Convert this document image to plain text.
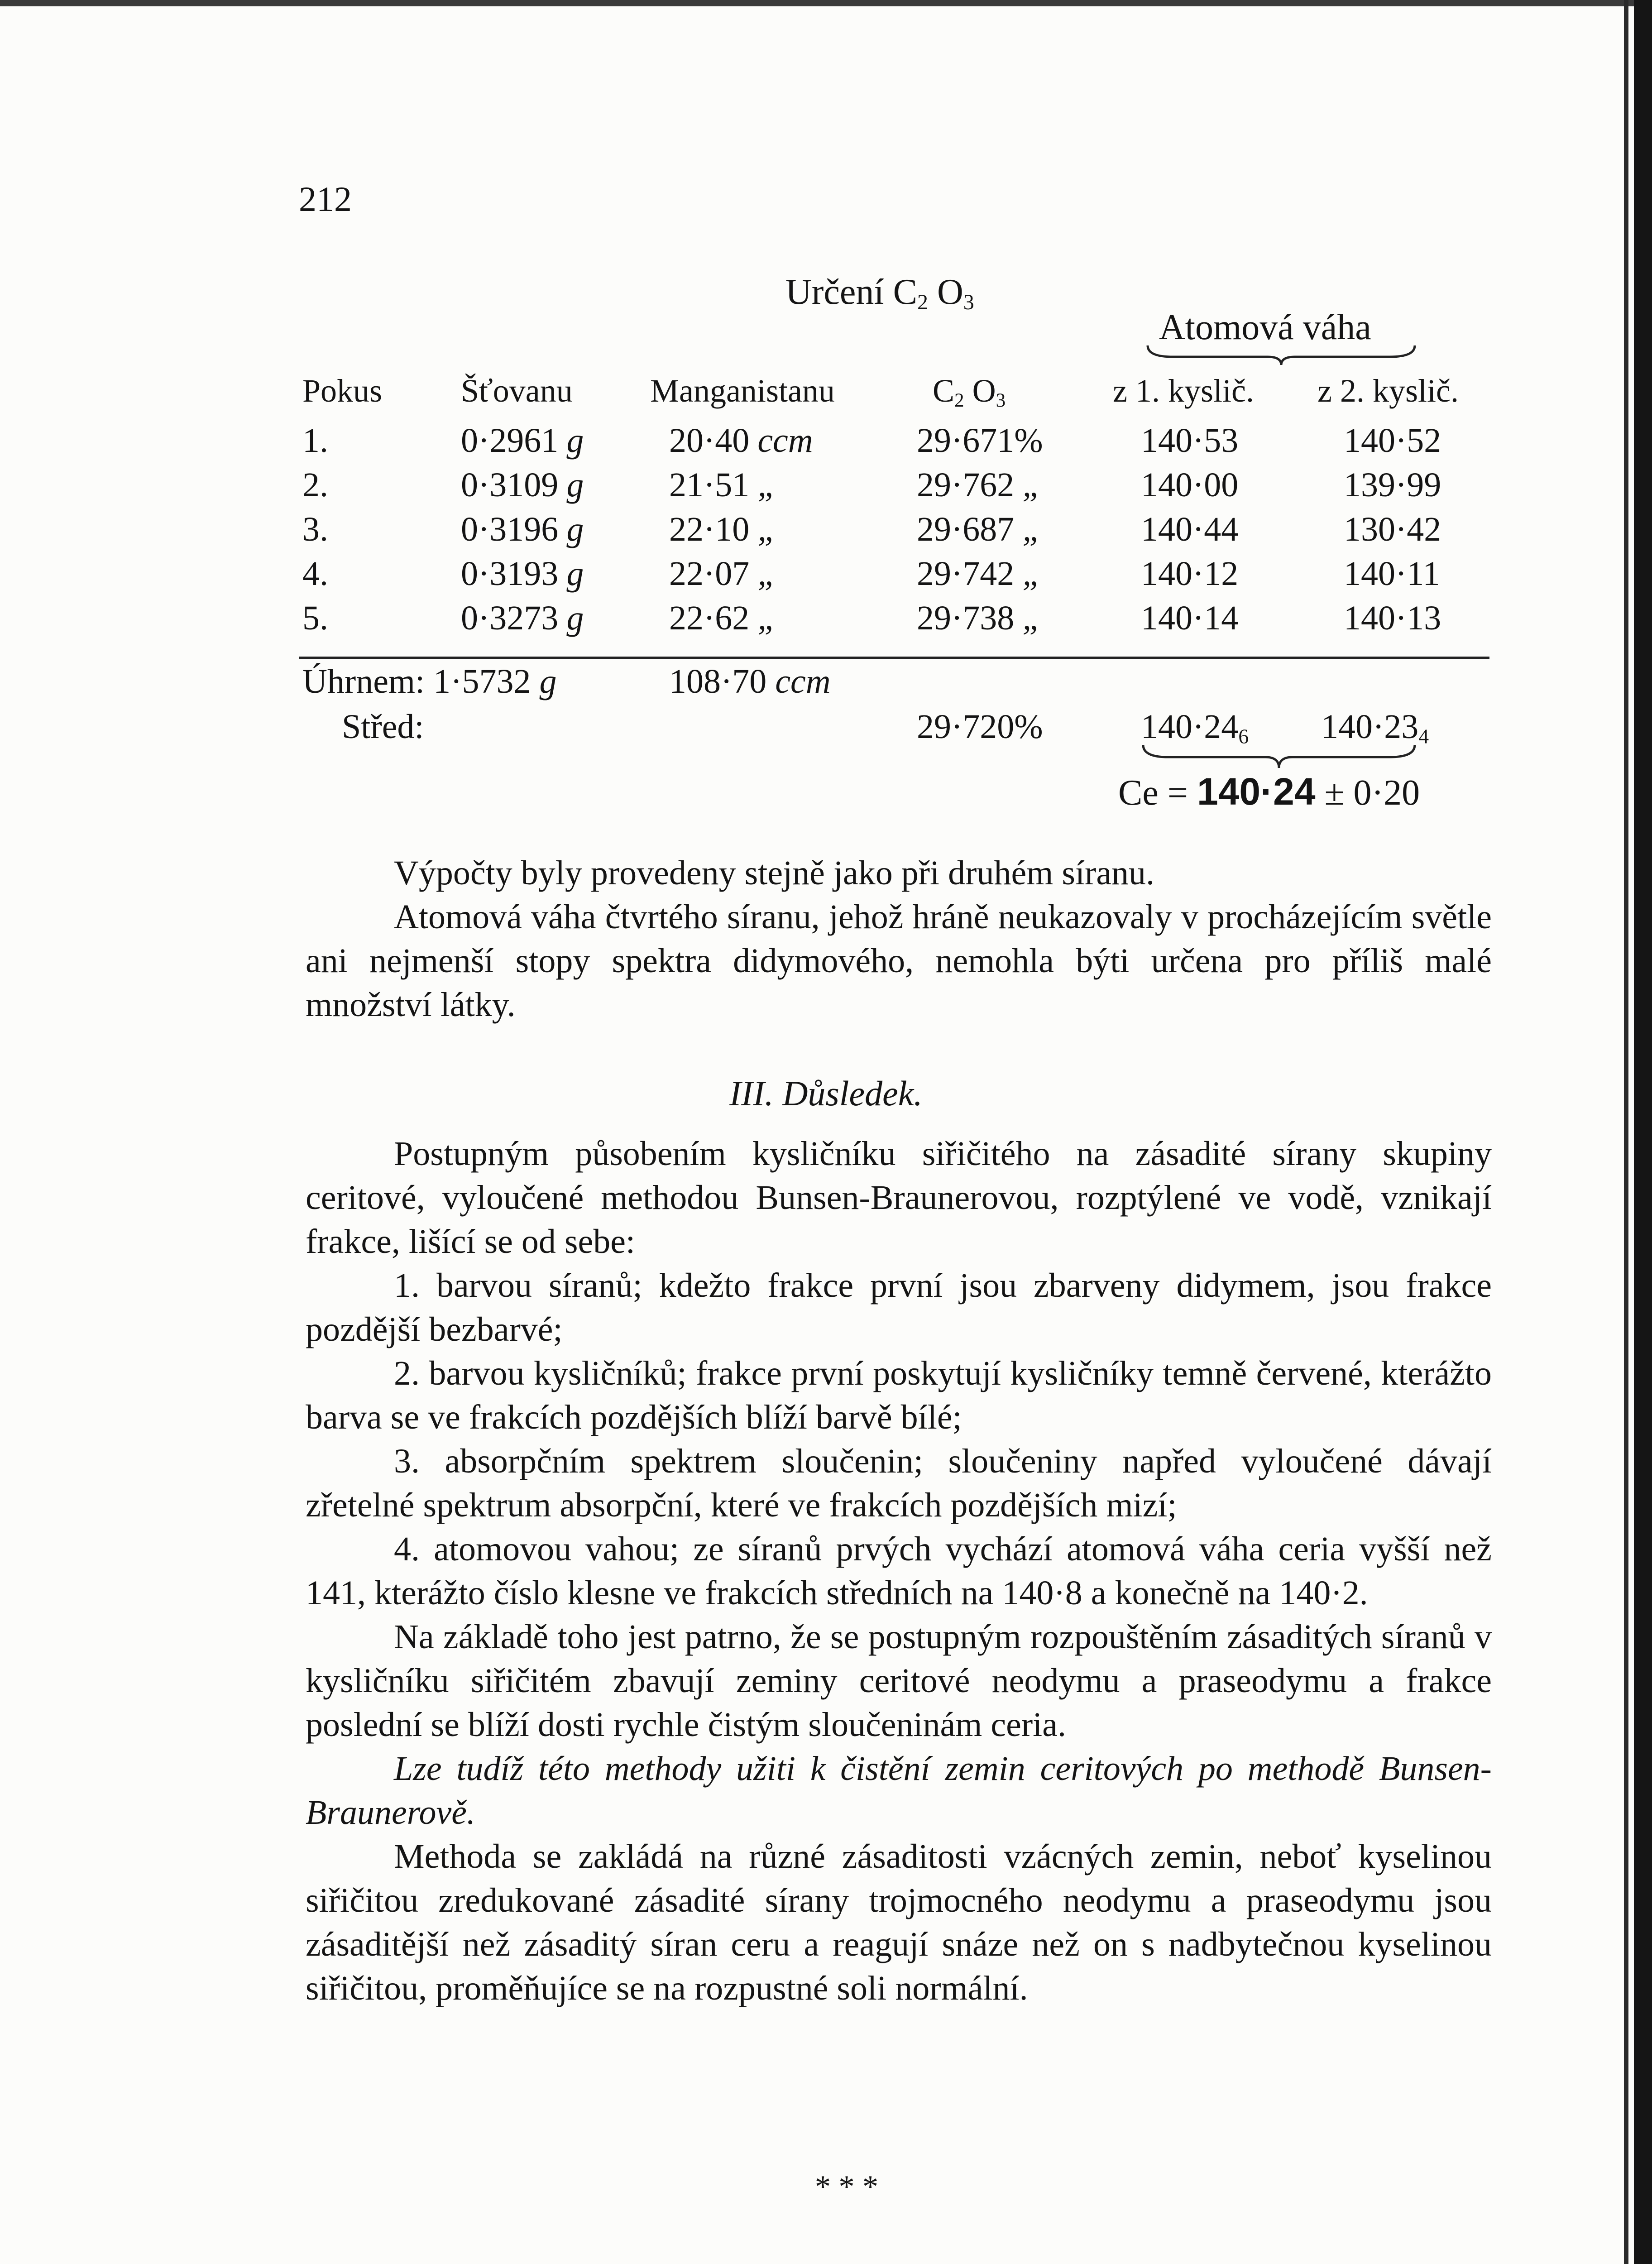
212
Určení $C_2$ $O_3$
Atomová váha
Pokus Šťovanu Manganistanu	$C_2$ $O_3$	z 1. kysl​ič. z 2. kysl​ič.
1.	0·2961 g 20·40 ccm	29·671%	140·53	140·52
2.	0·3109 g 21·51 „	29·762 „	140·00	139·99
3.	0·3196 g 22·10 „	29·687 „	140·44	130·42
4.	0·3193 g 22·07 „	29·742 „	140·12	140·11
5.	0·3273 g 22·62 „	29·738 „	140·14	140·13
Úhrnem: 1·5732 g	108·70 ccm
Střed:	29·720%	$140\cdot 24_6$ $140\cdot 23_4$
Ce = 140·24 ± 0·20

Výpočty byly provedeny stejně jako při druhém síranu.

Atomová váha čtvrtého síranu, jehož hráně neukazovaly v procházejícím světle ani nejmenší stopy spektra didymového, nemohla býti určena pro příliš malé množství látky.

III. Důsledek.

Postupným působením kysličníku siřičitého na zásadité sírany skupiny ceritové, vyloučené methodou Bunsen-Braunerovou, rozptýlené ve vodě, vznikají frakce, lišící se od sebe:

1. barvou síranů; kdežto frakce první jsou zbarveny didymem, jsou frakce pozdější bezbarvé;

2. barvou kysličníků; frakce první poskytují kysličníky temně červené, kterážto barva se ve frakcích pozdějších blíží barvě bílé;

3. absorpčním spektrem sloučenin; sloučeniny napřed vyloučené dávají zřetelné spektrum absorpční, které ve frakcích pozdějších mizí;

4. atomovou vahou; ze síranů prvých vychází atomová váha ceria vyšší než 141, kterážto číslo klesne ve frakcích středních na 140·8 a konečně na 140·2.

Na základě toho jest patrno, že se postupným rozpouštěním zásaditých síranů v kysličníku siřičitém zbavují zeminy ceritové neodymu a praseodymu a frakce poslední se blíží dosti rychle čistým sloučeninám ceria.

Lze tudíž této methody užiti k čistění zemin ceritových po methodě Bunsen-Braunerově.

Methoda se zakládá na různé zásaditosti vzácných zemin, neboť kyselinou siřičitou zredukované zásadité sírany trojmocného neodymu a praseodymu jsou zásaditější než zásaditý síran ceru a reagují snáze než on s nadbytečnou kyselinou siřičitou, proměňujíce se na rozpustné soli normální.

* * *
